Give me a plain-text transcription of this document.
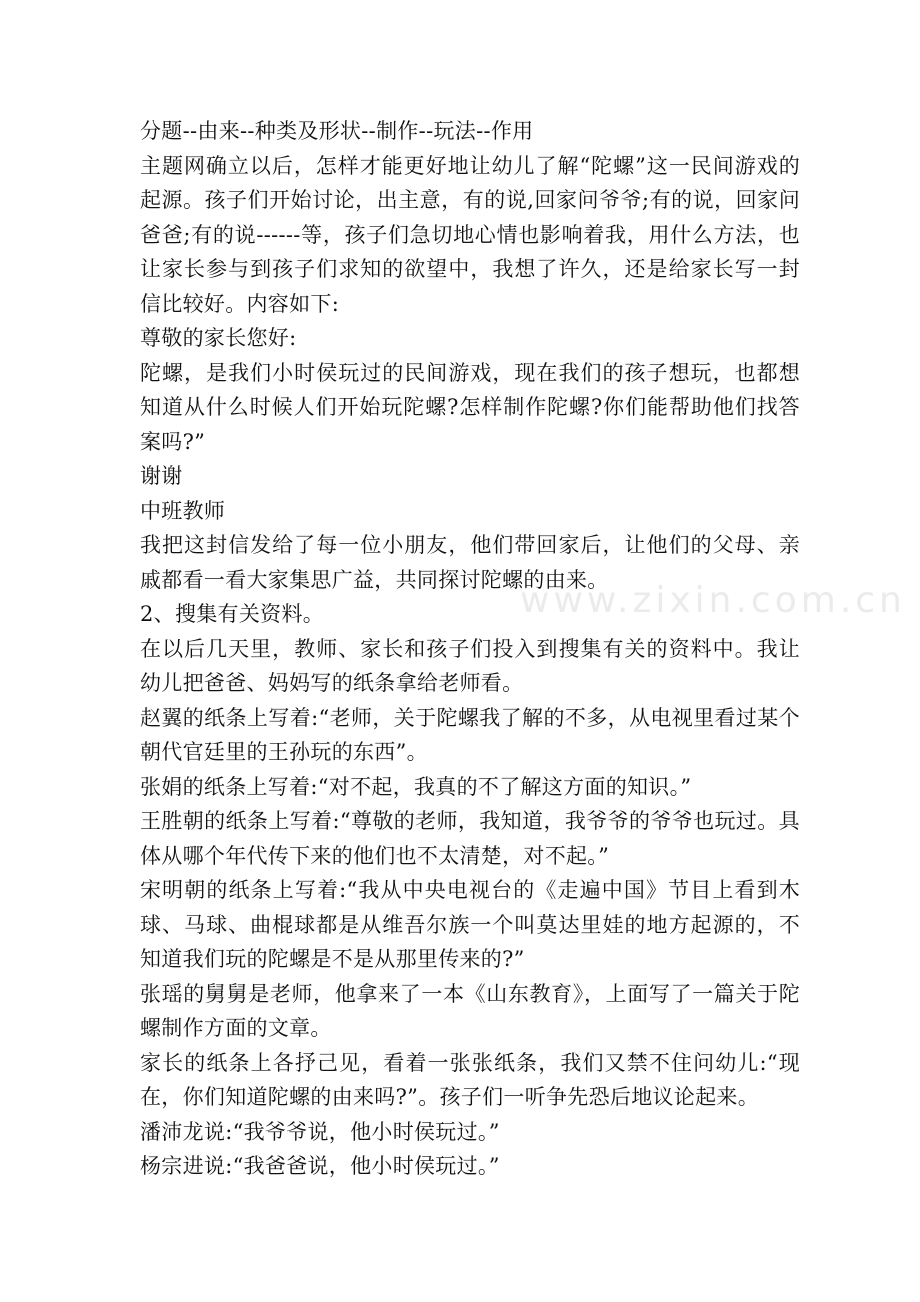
www.zixin.com.cn

分题--由来--种类及形状--制作--玩法--作用

主题网确立以后，怎样才能更好地让幼儿了解“陀螺”这一民间游戏的起源。孩子们开始讨论，出主意，有的说,回家问爷爷;有的说，回家问爸爸;有的说------等，孩子们急切地心情也影响着我，用什么方法，也让家长参与到孩子们求知的欲望中，我想了许久，还是给家长写一封信比较好。内容如下:

尊敬的家长您好:

陀螺，是我们小时侯玩过的民间游戏，现在我们的孩子想玩，也都想知道从什么时候人们开始玩陀螺?怎样制作陀螺?你们能帮助他们找答案吗?”

谢谢

中班教师

我把这封信发给了每一位小朋友，他们带回家后，让他们的父母、亲戚都看一看大家集思广益，共同探讨陀螺的由来。

2、搜集有关资料。

在以后几天里，教师、家长和孩子们投入到搜集有关的资料中。我让幼儿把爸爸、妈妈写的纸条拿给老师看。

赵翼的纸条上写着:“老师，关于陀螺我了解的不多，从电视里看过某个朝代官廷里的王孙玩的东西”。

张娟的纸条上写着:“对不起，我真的不了解这方面的知识。”

王胜朝的纸条上写着:“尊敬的老师，我知道，我爷爷的爷爷也玩过。具体从哪个年代传下来的他们也不太清楚，对不起。”

宋明朝的纸条上写着:“我从中央电视台的《走遍中国》节目上看到木球、马球、曲棍球都是从维吾尔族一个叫莫达里娃的地方起源的，不知道我们玩的陀螺是不是从那里传来的?”

张瑶的舅舅是老师，他拿来了一本《山东教育》，上面写了一篇关于陀螺制作方面的文章。

家长的纸条上各抒己见，看着一张张纸条，我们又禁不住问幼儿:“现在，你们知道陀螺的由来吗?”。孩子们一听争先恐后地议论起来。

潘沛龙说:“我爷爷说，他小时侯玩过。”

杨宗进说:“我爸爸说，他小时侯玩过。”
